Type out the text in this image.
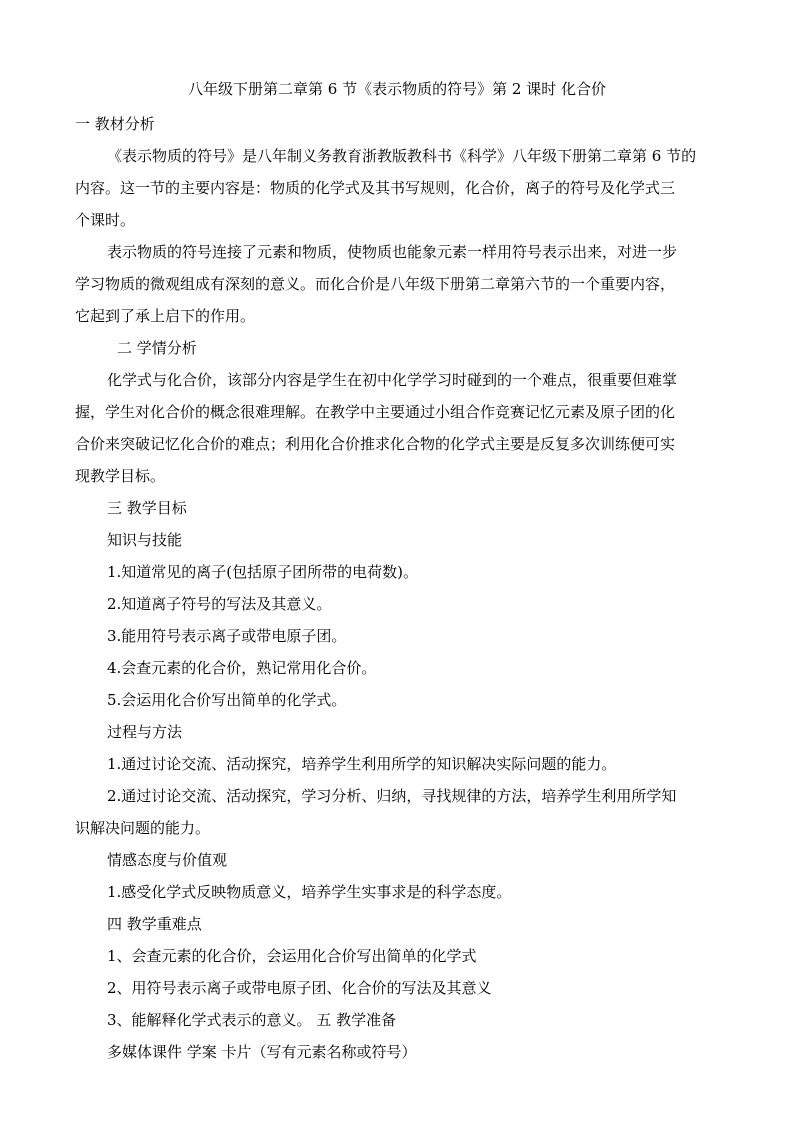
八年级下册第二章第 6 节《表示物质的符号》第 2 课时 化合价
一 教材分析
《表示物质的符号》是八年制义务教育浙教版教科书《科学》八年级下册第二章第 6 节的
内容。这一节的主要内容是：物质的化学式及其书写规则，化合价，离子的符号及化学式三
个课时。
表示物质的符号连接了元素和物质，使物质也能象元素一样用符号表示出来，对进一步
学习物质的微观组成有深刻的意义。而化合价是八年级下册第二章第六节的一个重要内容，
它起到了承上启下的作用。
二 学情分析
化学式与化合价，该部分内容是学生在初中化学学习时碰到的一个难点，很重要但难掌
握，学生对化合价的概念很难理解。在教学中主要通过小组合作竞赛记忆元素及原子团的化
合价来突破记忆化合价的难点；利用化合价推求化合物的化学式主要是反复多次训练便可实
现教学目标。
三 教学目标
知识与技能
1.知道常见的离子(包括原子团所带的电荷数)。
2.知道离子符号的写法及其意义。
3.能用符号表示离子或带电原子团。
4.会查元素的化合价，熟记常用化合价。
5.会运用化合价写出简单的化学式。
过程与方法
1.通过讨论交流、活动探究，培养学生利用所学的知识解决实际问题的能力。
2.通过讨论交流、活动探究，学习分析、归纳，寻找规律的方法，培养学生利用所学知
识解决问题的能力。
情感态度与价值观
1.感受化学式反映物质意义，培养学生实事求是的科学态度。
四 教学重难点
1、会查元素的化合价，会运用化合价写出简单的化学式
2、用符号表示离子或带电原子团、化合价的写法及其意义
3、能解释化学式表示的意义。 五 教学准备
多媒体课件 学案 卡片（写有元素名称或符号）
